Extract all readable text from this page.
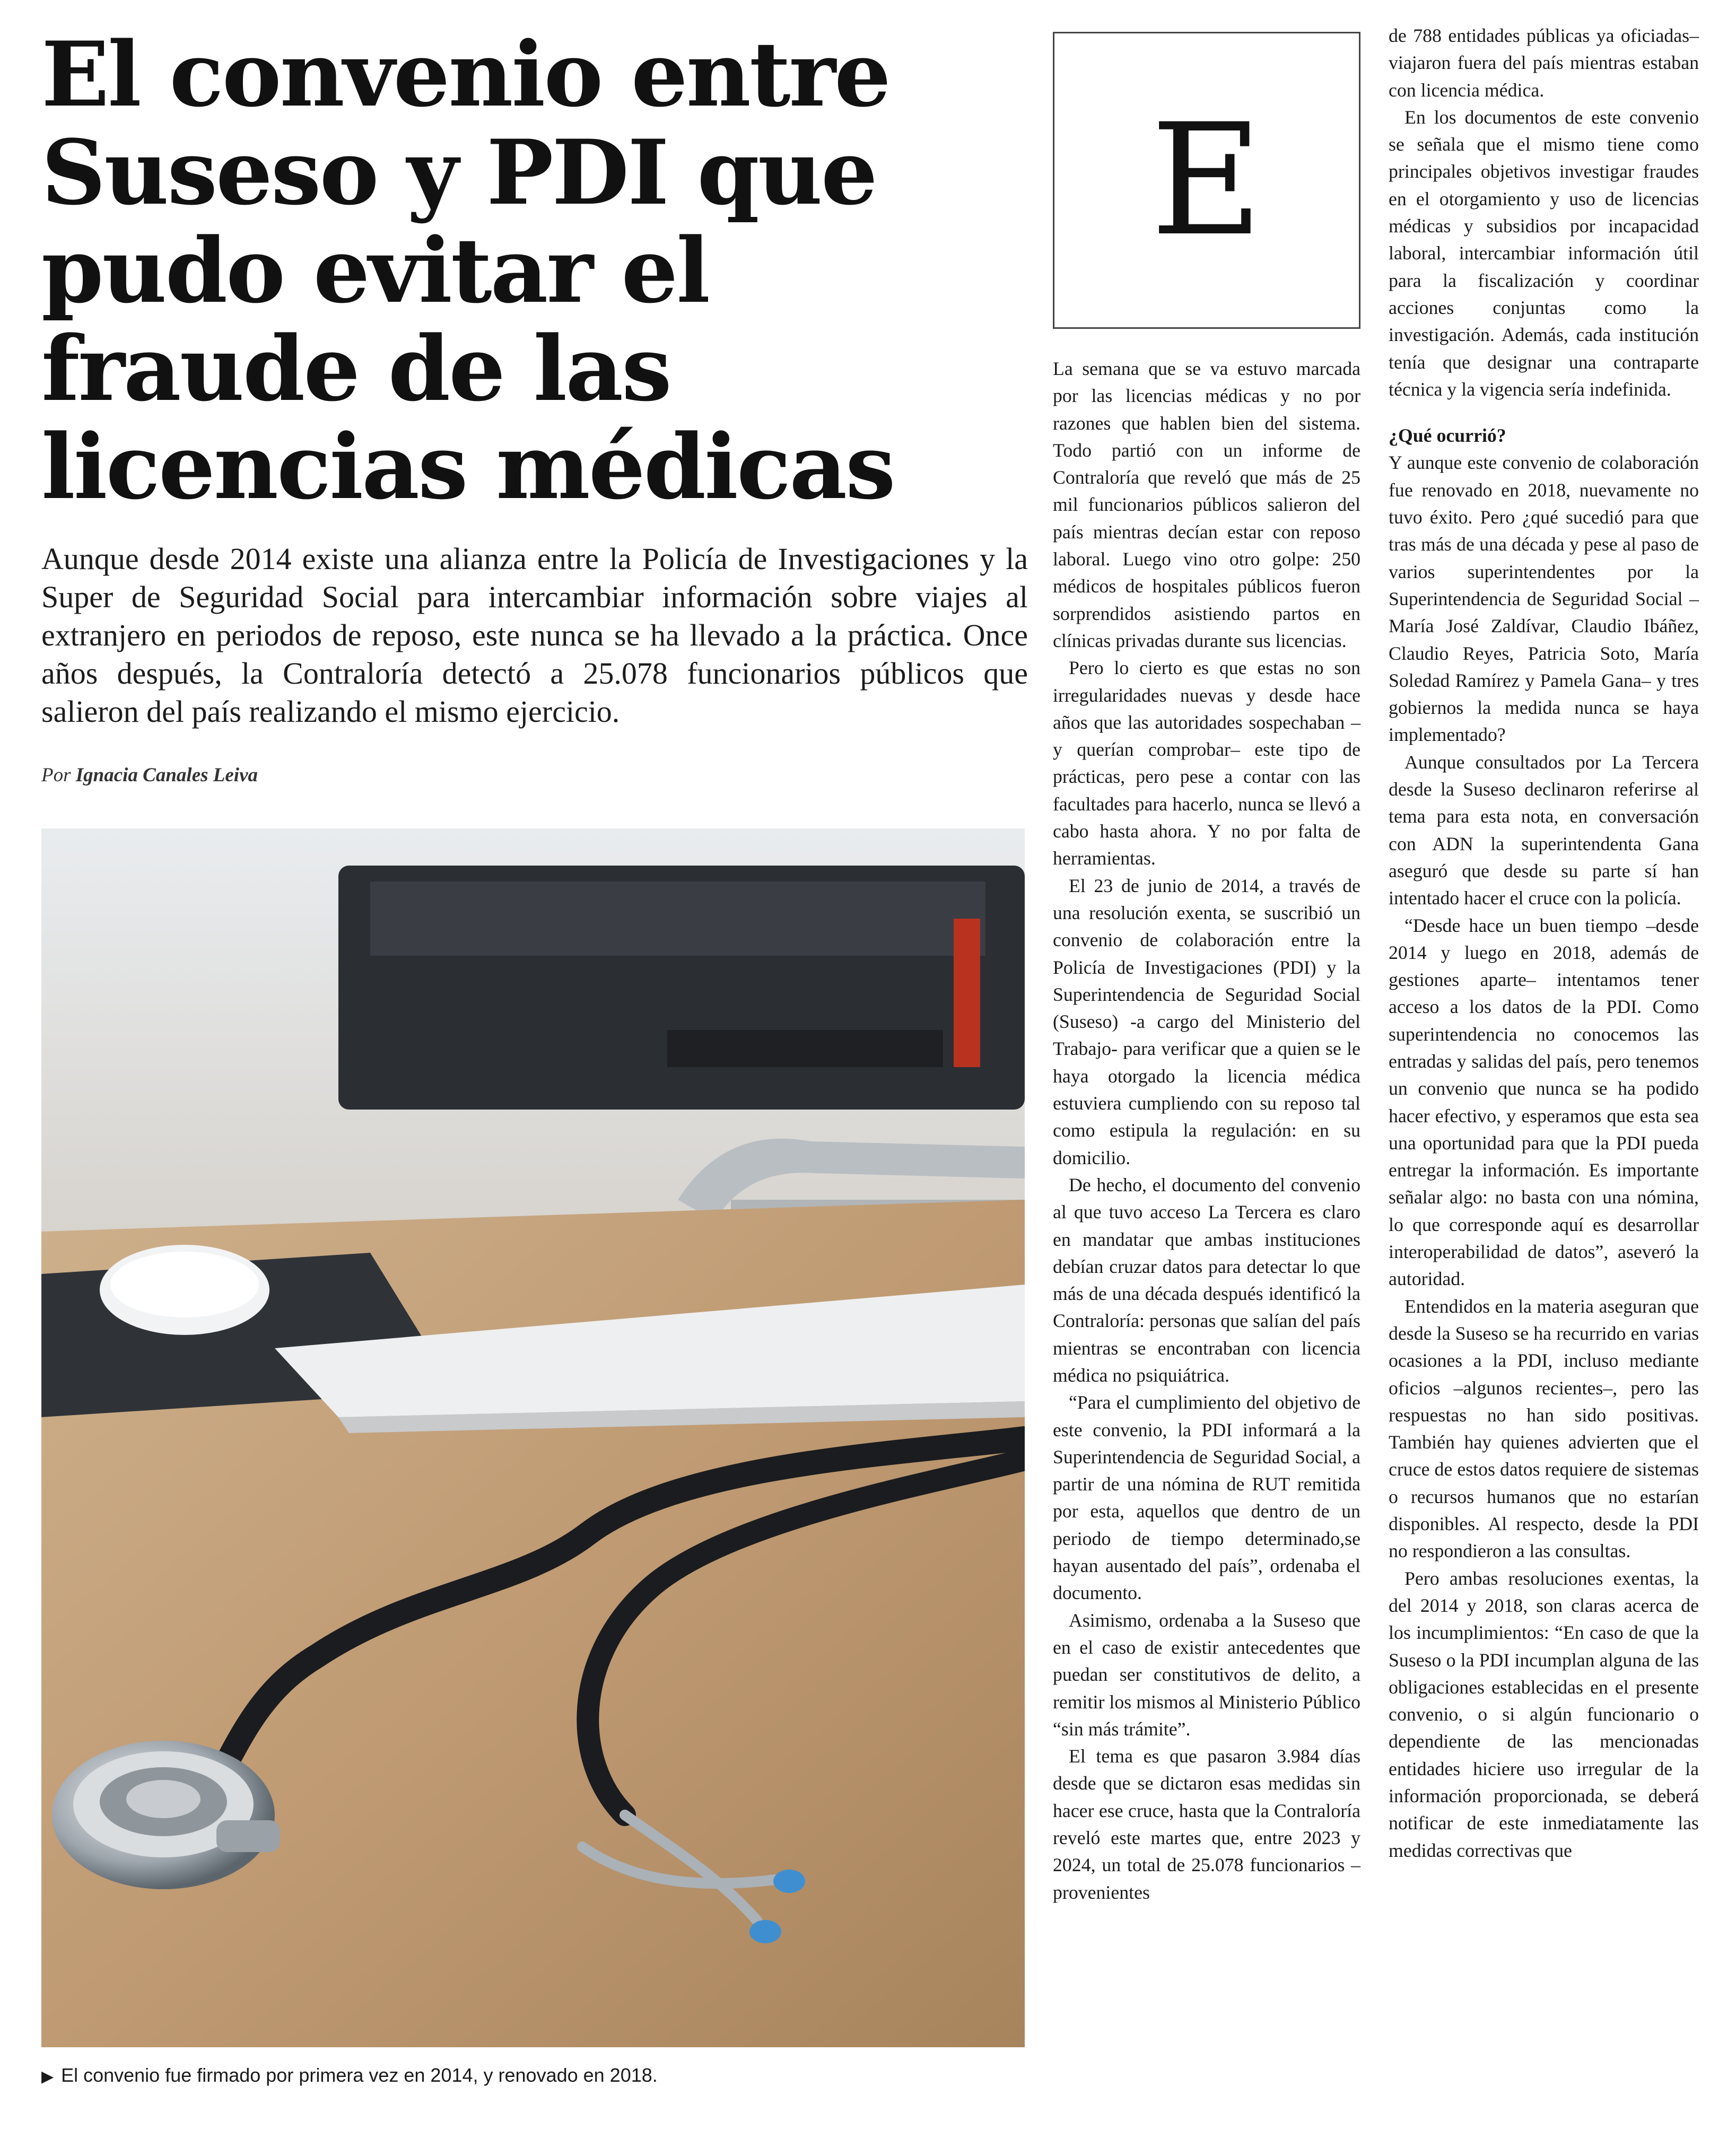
El convenio entre Suseso y PDI que pudo evitar el fraude de las licencias médicas

Aunque desde 2014 existe una alianza entre la Policía de Investigaciones y la Super de Seguridad Social para intercambiar información sobre viajes al extranjero en periodos de reposo, este nunca se ha llevado a la práctica. Once años después, la Contraloría detectó a 25.078 funcionarios públicos que salieron del país realizando el mismo ejercicio.

Por Ignacia Canales Leiva
▶ El convenio fue firmado por primera vez en 2014, y renovado en 2018.
E

La semana que se va estuvo marcada por las licencias médicas y no por razones que hablen bien del sistema. Todo partió con un informe de Contraloría que reveló que más de 25 mil funcionarios públicos salieron del país mientras decían estar con reposo laboral. Luego vino otro golpe: 250 médicos de hospitales públicos fueron sorprendidos asistiendo partos en clínicas privadas durante sus licencias.

Pero lo cierto es que estas no son irregularidades nuevas y desde hace años que las autoridades sospechaban –y querían comprobar– este tipo de prácticas, pero pese a contar con las facultades para hacerlo, nunca se llevó a cabo hasta ahora. Y no por falta de herramientas.

El 23 de junio de 2014, a través de una resolución exenta, se suscribió un convenio de colaboración entre la Policía de Investigaciones (PDI) y la Superintendencia de Seguridad Social (Suseso) -a cargo del Ministerio del Trabajo- para verificar que a quien se le haya otorgado la licencia médica estuviera cumpliendo con su reposo tal como estipula la regulación: en su domicilio.

De hecho, el documento del convenio al que tuvo acceso La Tercera es claro en mandatar que ambas instituciones debían cruzar datos para detectar lo que más de una década después identificó la Contraloría: personas que salían del país mientras se encontraban con licencia médica no psiquiátrica.

“Para el cumplimiento del objetivo de este convenio, la PDI informará a la Superintendencia de Seguridad Social, a partir de una nómina de RUT remitida por esta, aquellos que dentro de un periodo de tiempo determinado,se hayan ausentado del país”, ordenaba el documento.

Asimismo, ordenaba a la Suseso que en el caso de existir antecedentes que puedan ser constitutivos de delito, a remitir los mismos al Ministerio Público “sin más trámite”.

El tema es que pasaron 3.984 días desde que se dictaron esas medidas sin hacer ese cruce, hasta que la Contraloría reveló este martes que, entre 2023 y 2024, un total de 25.078 funcionarios –provenientes

de 788 entidades públicas ya oficiadas– viajaron fuera del país mientras estaban con licencia médica.

En los documentos de este convenio se señala que el mismo tiene como principales objetivos investigar fraudes en el otorgamiento y uso de licencias médicas y subsidios por incapacidad laboral, intercambiar información útil para la fiscalización y coordinar acciones conjuntas como la investigación. Además, cada institución tenía que designar una contraparte técnica y la vigencia sería indefinida.

¿Qué ocurrió?

Y aunque este convenio de colaboración fue renovado en 2018, nuevamente no tuvo éxito. Pero ¿qué sucedió para que tras más de una década y pese al paso de varios superintendentes por la Superintendencia de Seguridad Social –María José Zaldívar, Claudio Ibáñez, Claudio Reyes, Patricia Soto, María Soledad Ramírez y Pamela Gana– y tres gobiernos la medida nunca se haya implementado?

Aunque consultados por La Tercera desde la Suseso declinaron referirse al tema para esta nota, en conversación con ADN la superintendenta Gana aseguró que desde su parte sí han intentado hacer el cruce con la policía.

“Desde hace un buen tiempo –desde 2014 y luego en 2018, además de gestiones aparte– intentamos tener acceso a los datos de la PDI. Como superintendencia no conocemos las entradas y salidas del país, pero tenemos un convenio que nunca se ha podido hacer efectivo, y esperamos que esta sea una oportunidad para que la PDI pueda entregar la información. Es importante señalar algo: no basta con una nómina, lo que corresponde aquí es desarrollar interoperabilidad de datos”, aseveró la autoridad.

Entendidos en la materia aseguran que desde la Suseso se ha recurrido en varias ocasiones a la PDI, incluso mediante oficios –algunos recientes–, pero las respuestas no han sido positivas. También hay quienes advierten que el cruce de estos datos requiere de sistemas o recursos humanos que no estarían disponibles. Al respecto, desde la PDI no respondieron a las consultas.

Pero ambas resoluciones exentas, la del 2014 y 2018, son claras acerca de los incumplimientos: “En caso de que la Suseso o la PDI incumplan alguna de las obligaciones establecidas en el presente convenio, o si algún funcionario o dependiente de las mencionadas entidades hiciere uso irregular de la información proporcionada, se deberá notificar de este inmediatamente las medidas correctivas que
